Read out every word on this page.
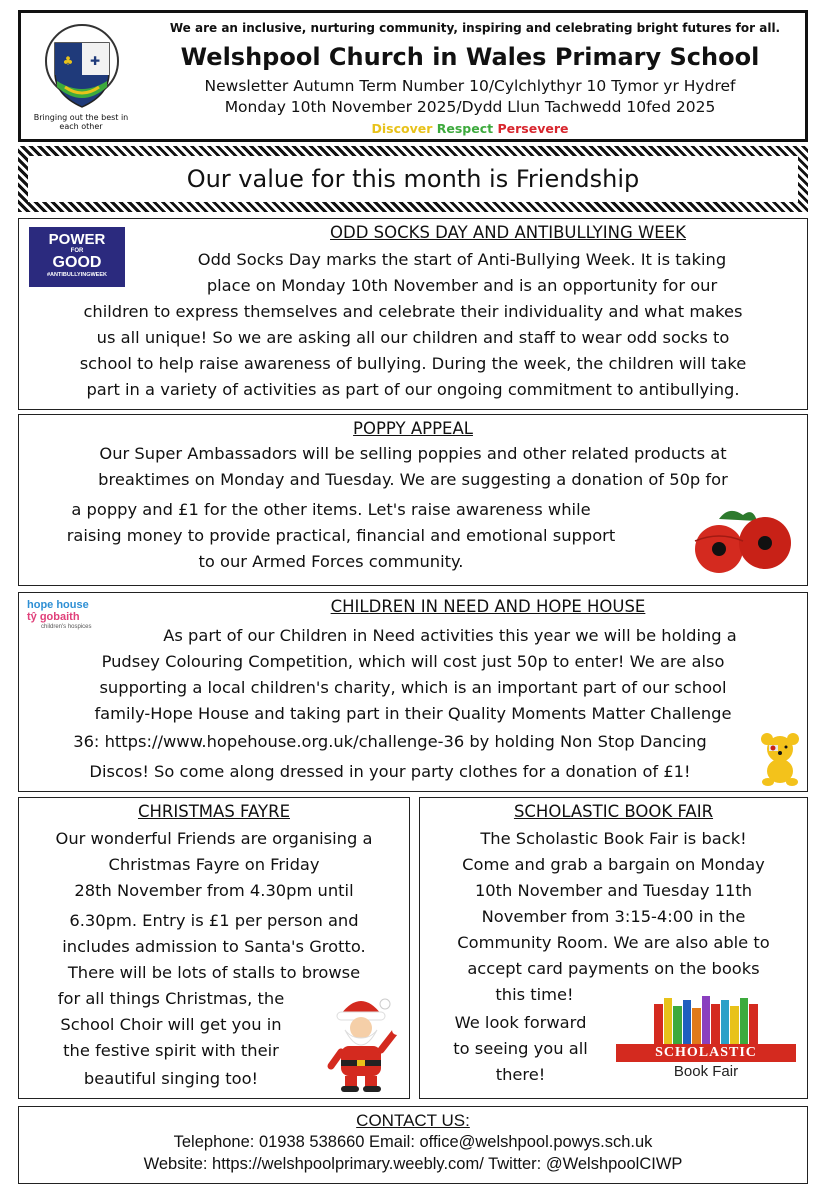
♣ ✚
Bringing out the best in each other
We are an inclusive, nurturing community, inspiring and celebrating bright futures for all.
Welshpool Church in Wales Primary School
Newsletter Autumn Term Number 10/Cylchlythyr 10 Tymor yr Hydref
Monday 10th November 2025/Dydd Llun Tachwedd 10fed 2025
Discover Respect Persevere
Our value for this month is Friendship
POWER
FOR
GOOD
#ANTIBULLYINGWEEK
ODD SOCKS DAY AND ANTIBULLYING WEEK

Odd Socks Day marks the start of Anti-Bullying Week. It is taking

place on Monday 10th November and is an opportunity for our

children to express themselves and celebrate their individuality and what makes

us all unique! So we are asking all our children and staff to wear odd socks to

school to help raise awareness of bullying. During the week, the children will take

part in a variety of activities as part of our ongoing commitment to antibullying.

POPPY APPEAL

Our Super Ambassadors will be selling poppies and other related products at

breaktimes on Monday and Tuesday. We are suggesting a donation of 50p for

a poppy and £1 for the other items. Let's raise awareness while

raising money to provide practical, financial and emotional support

to our Armed Forces community.

hope house
tŷ gobaith
children's hospices
CHILDREN IN NEED AND HOPE HOUSE

As part of our Children in Need activities this year we will be holding a

Pudsey Colouring Competition, which will cost just 50p to enter! We are also

supporting a local children's charity, which is an important part of our school

family-Hope House and taking part in their Quality Moments Matter Challenge

36: https://www.hopehouse.org.uk/challenge-36 by holding Non Stop Dancing

Discos! So come along dressed in your party clothes for a donation of £1!

CHRISTMAS FAYRE

Our wonderful Friends are organising a

Christmas Fayre on Friday

28th November from 4.30pm until

6.30pm. Entry is £1 per person and

includes admission to Santa's Grotto.

There will be lots of stalls to browse

for all things Christmas, the

School Choir will get you in

the festive spirit with their

beautiful singing too!

SCHOLASTIC BOOK FAIR

The Scholastic Book Fair is back!

Come and grab a bargain on Monday

10th November and Tuesday 11th

November from 3:15-4:00 in the

Community Room. We are also able to

accept card payments on the books

this time!

We look forward

to seeing you all

there!

SCHOLASTIC
Book Fair
CONTACT US:
Telephone: 01938 538660 Email: office@welshpool.powys.sch.uk
Website: https://welshpoolprimary.weebly.com/ Twitter: @WelshpoolCIWP
